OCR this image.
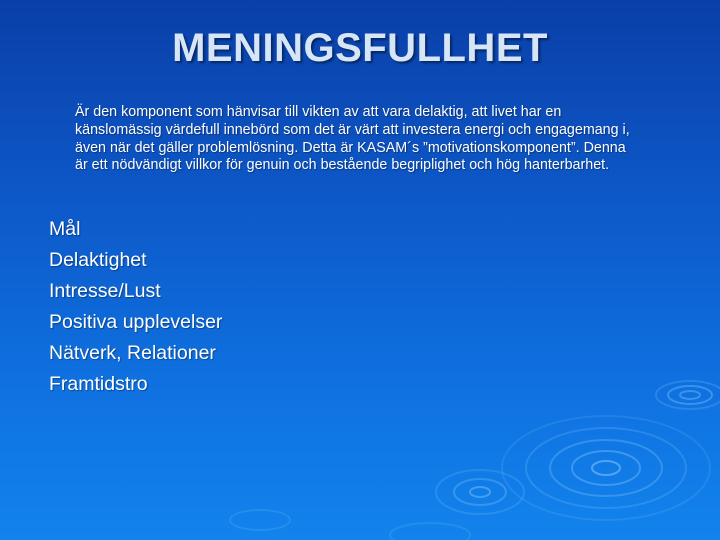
MENINGSFULLHET
Är den komponent som hänvisar till vikten av att vara delaktig, att livet har en känslomässig värdefull innebörd som det är värt att investera energi och engagemang i, även när det gäller problemlösning. Detta är KASAM´s ”motivationskomponent”. Denna är ett nödvändigt villkor för genuin och bestående begriplighet och hög hanterbarhet.
Mål
Delaktighet
Intresse/Lust
Positiva upplevelser
Nätverk, Relationer
Framtidstro
